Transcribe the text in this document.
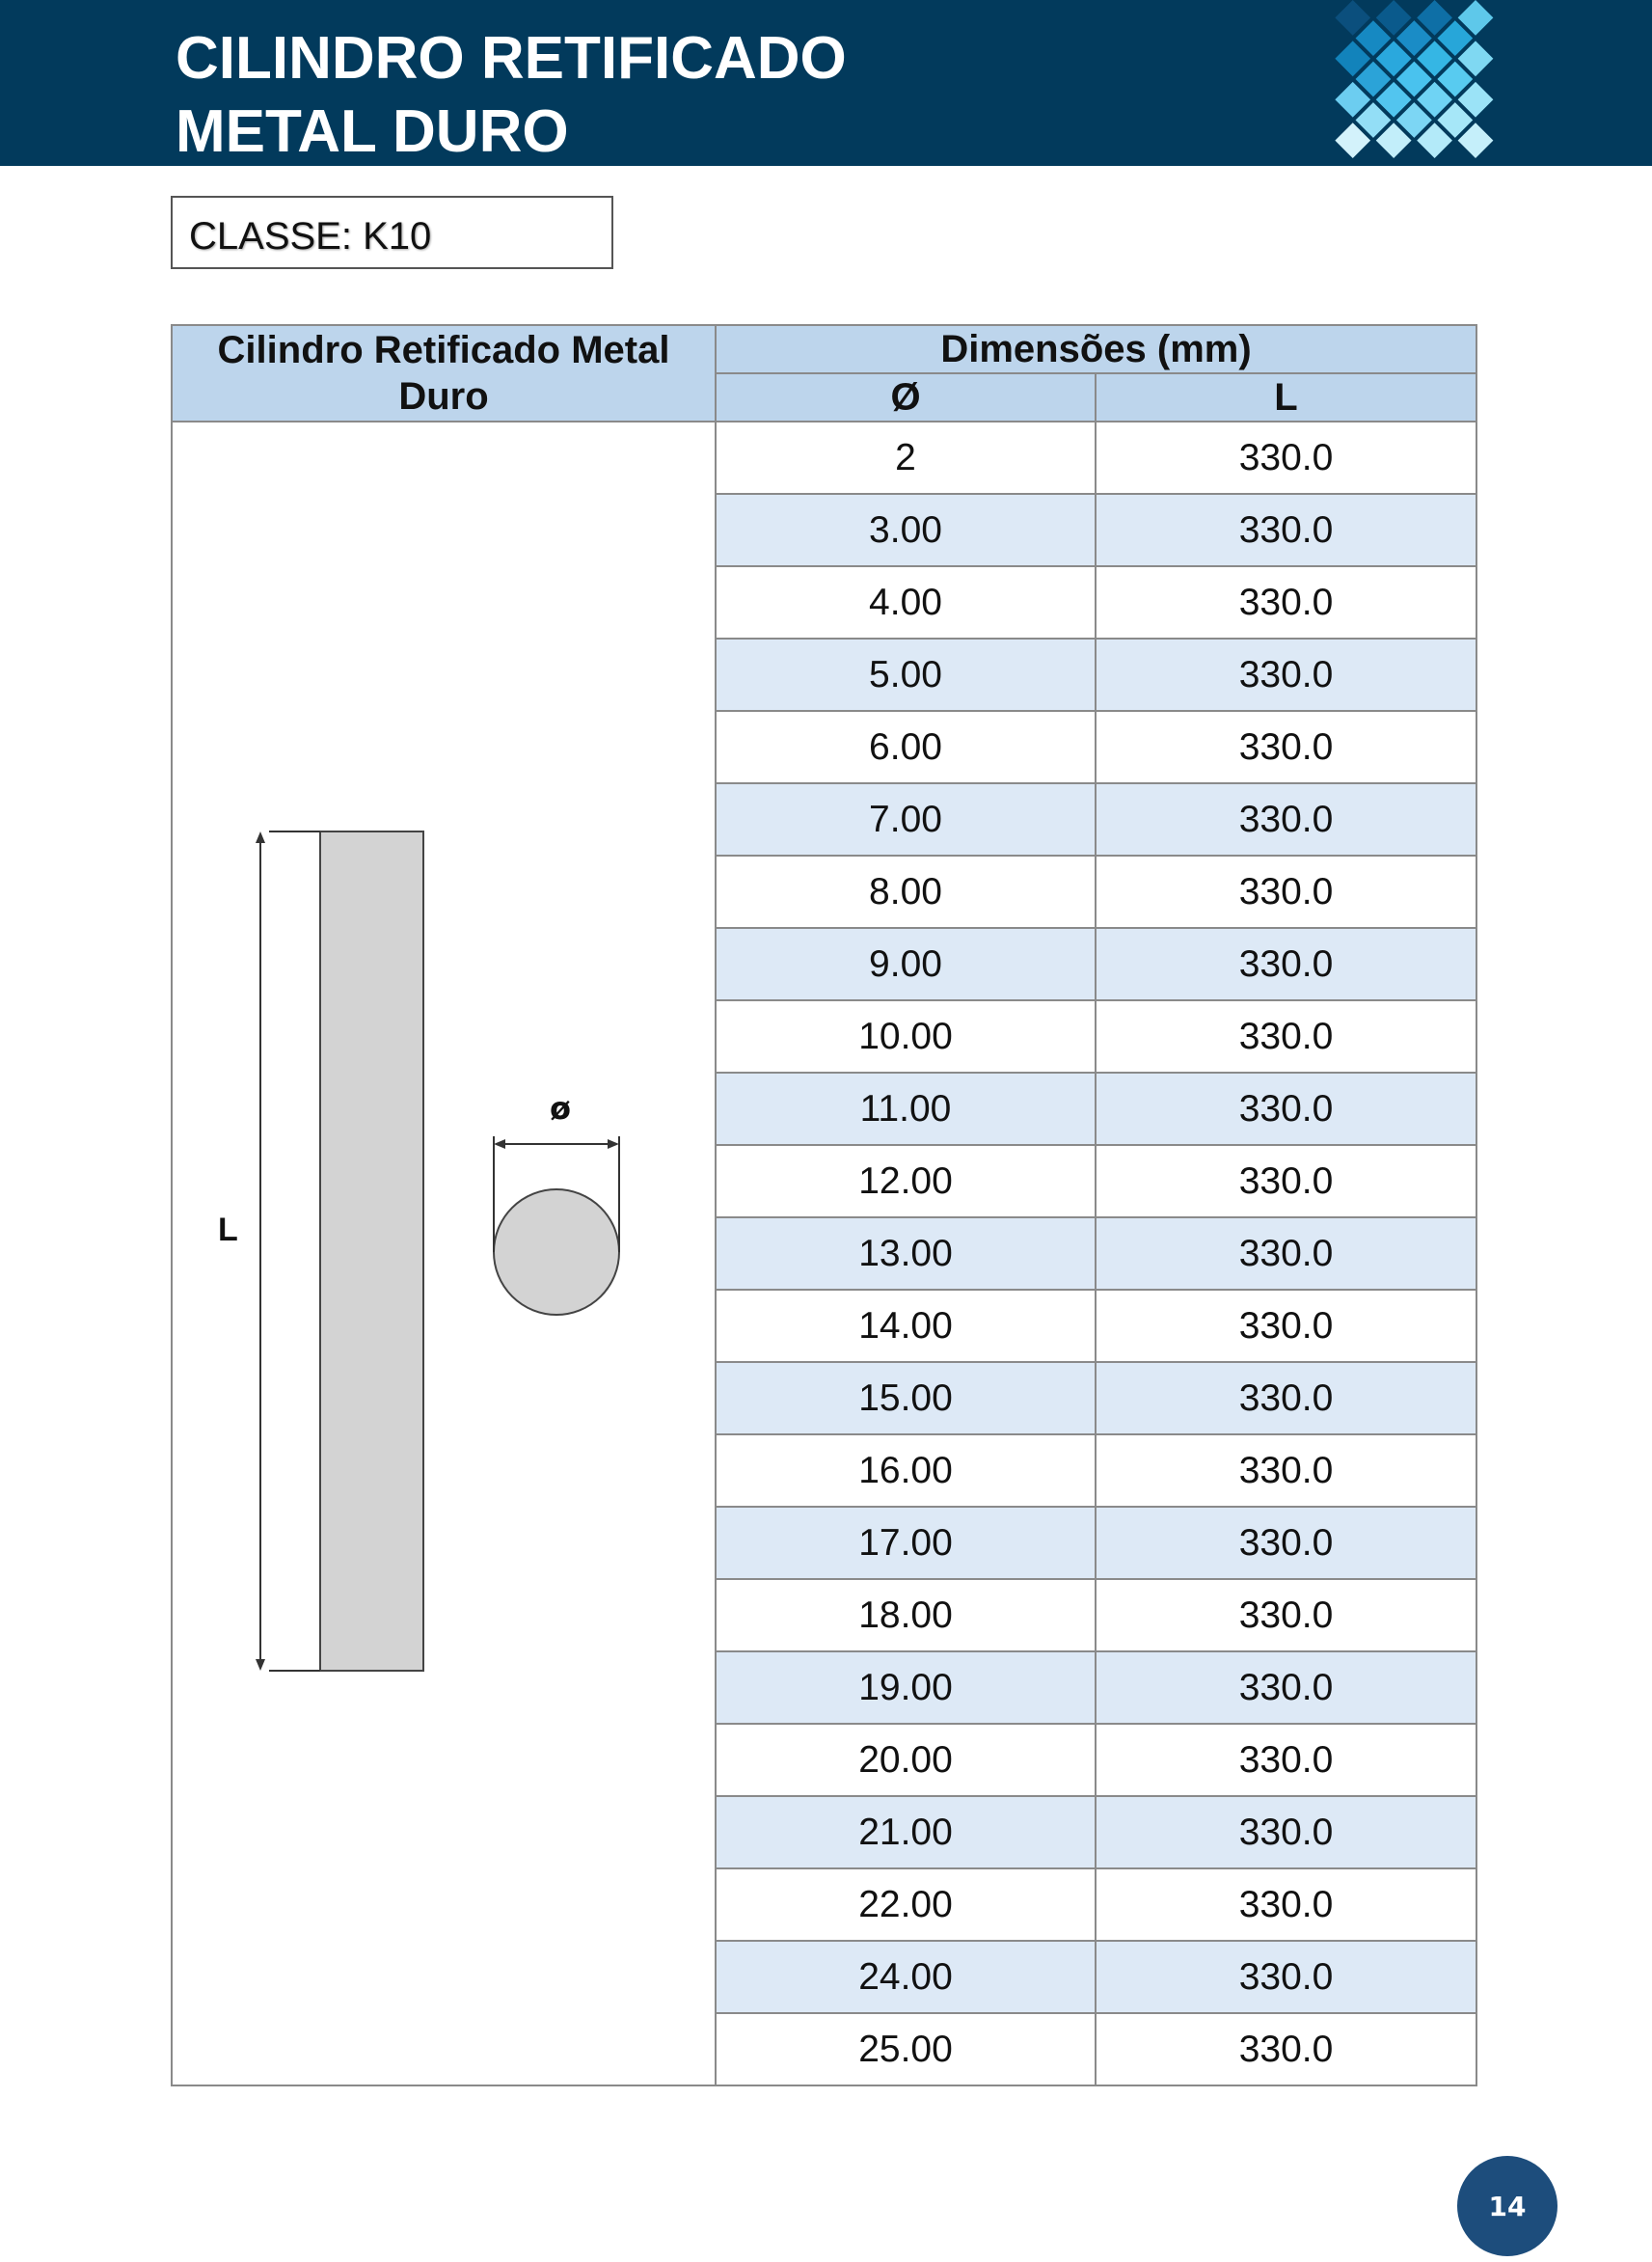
CILINDRO RETIFICADO
METAL DURO
CLASSE: K10
Cilindro Retificado Metal Duro	Dimensões (mm)	
	Ø	L

L
ø	2	330.0
	3.00	330.0
	4.00	330.0
	5.00	330.0
	6.00	330.0
	7.00	330.0
	8.00	330.0
	9.00	330.0
	10.00	330.0
	11.00	330.0
	12.00	330.0
	13.00	330.0
	14.00	330.0
	15.00	330.0
	16.00	330.0
	17.00	330.0
	18.00	330.0
	19.00	330.0
	20.00	330.0
	21.00	330.0
	22.00	330.0
	24.00	330.0
	25.00	330.0
14
